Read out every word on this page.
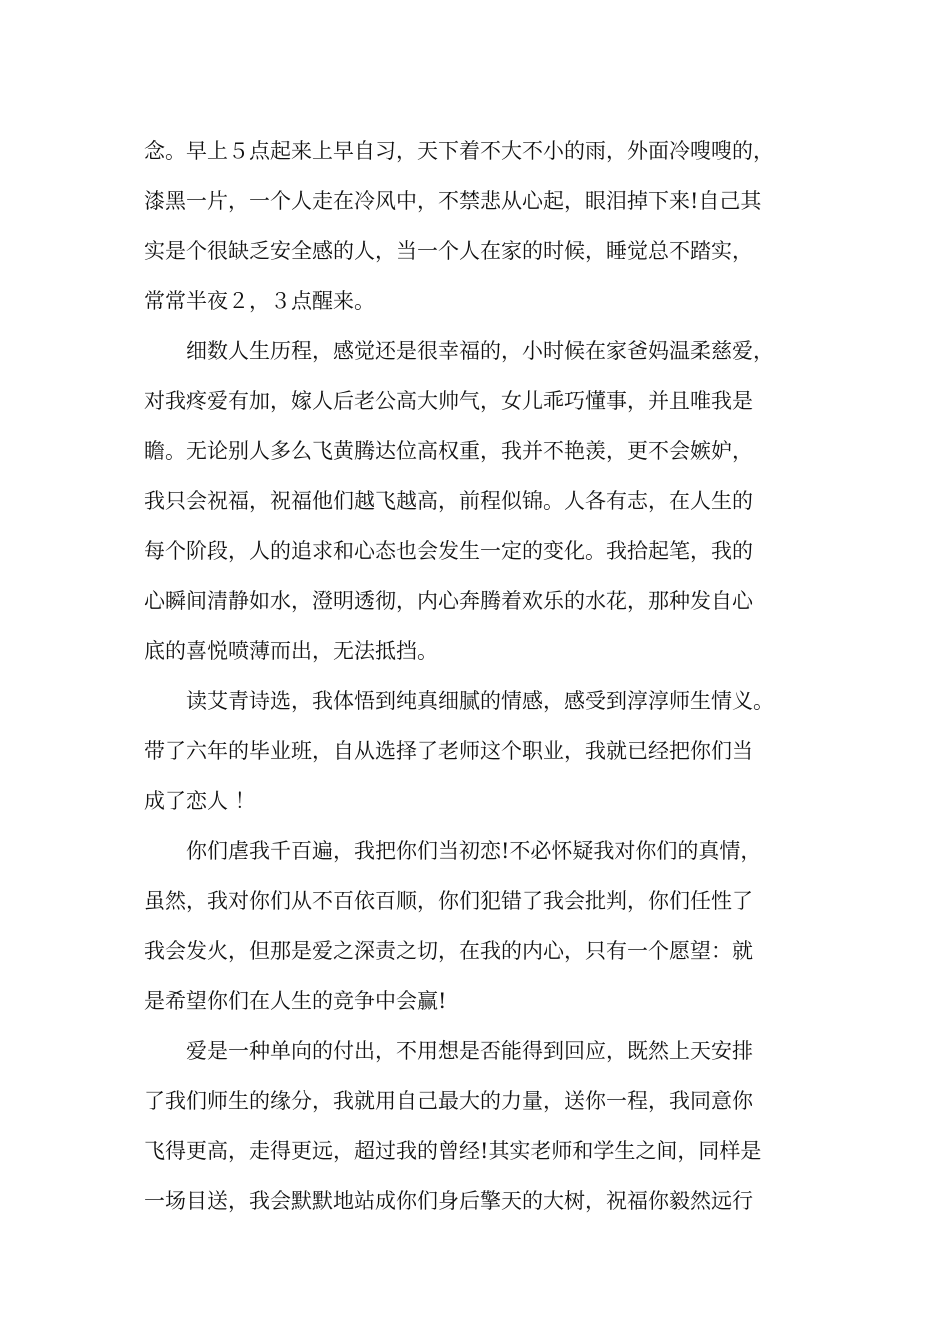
念。早上５点起来上早自习，天下着不大不小的雨，外面冷嗖嗖的，
漆黑一片，一个人走在冷风中，不禁悲从心起，眼泪掉下来!自己其
实是个很缺乏安全感的人，当一个人在家的时候，睡觉总不踏实，
常常半夜２，３点醒来。
　　细数人生历程，感觉还是很幸福的，小时候在家爸妈温柔慈爱，
对我疼爱有加，嫁人后老公高大帅气，女儿乖巧懂事，并且唯我是
瞻。无论别人多么飞黄腾达位高权重，我并不艳羡，更不会嫉妒，
我只会祝福，祝福他们越飞越高，前程似锦。人各有志，在人生的
每个阶段，人的追求和心态也会发生一定的变化。我拾起笔，我的
心瞬间清静如水，澄明透彻，内心奔腾着欢乐的水花，那种发自心
底的喜悦喷薄而出，无法抵挡。
　　读艾青诗选，我体悟到纯真细腻的情感，感受到淳淳师生情义。
带了六年的毕业班，自从选择了老师这个职业，我就已经把你们当
成了恋人 ！
　　你们虐我千百遍，我把你们当初恋!不必怀疑我对你们的真情，
虽然，我对你们从不百依百顺，你们犯错了我会批判，你们任性了
我会发火，但那是爱之深责之切，在我的内心，只有一个愿望：就
是希望你们在人生的竞争中会赢!
　　爱是一种单向的付出，不用想是否能得到回应，既然上天安排
了我们师生的缘分，我就用自己最大的力量，送你一程，我同意你
飞得更高，走得更远，超过我的曾经!其实老师和学生之间，同样是
一场目送，我会默默地站成你们身后擎天的大树，祝福你毅然远行
